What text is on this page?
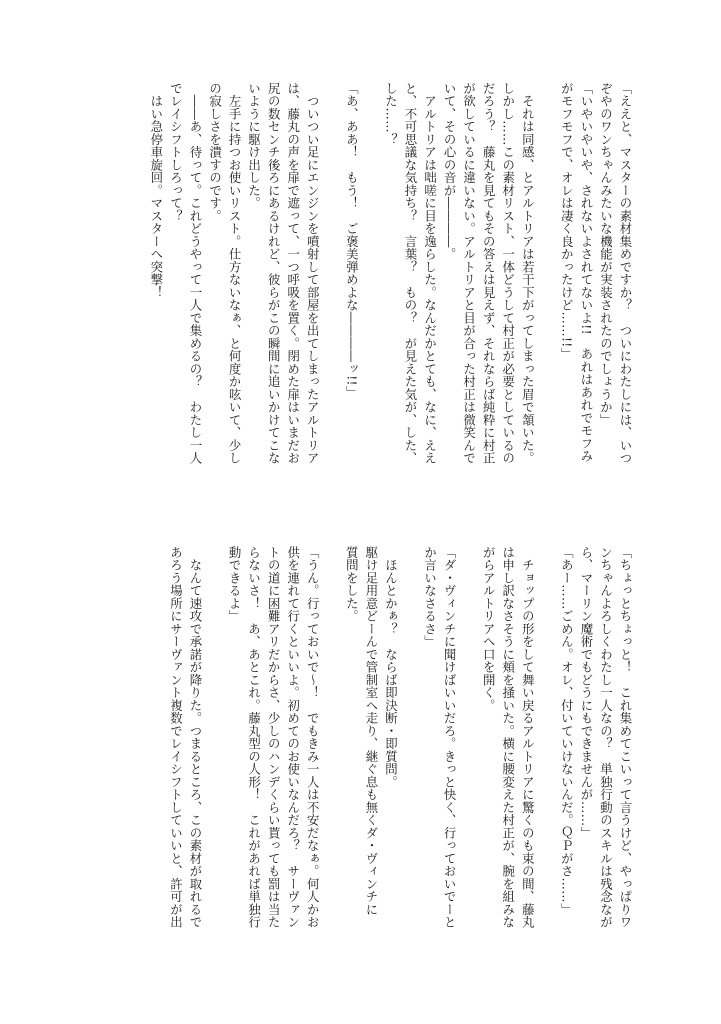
「ええと、マスターの素材集めですか？　ついにわたしには、いつ
ぞやのワンちゃんみたいな機能が実装されたのでしょうか」
「いやいやいや、されないよされてないよ!!　あれはあれでモフみ
がモフモフで、オレは凄く良かったけど……!!」
　それは同感、とアルトリアは若干下がってしまった眉で頷いた。
しかし……この素材リスト、一体どうして村正が必要としているの
だろう？　藤丸を見てもその答えは見えず、それならば純粋に村正
が欲しているに違いない。アルトリアと目が合った村正は微笑んで
いて、その心の音が――――。
　アルトリアは咄嗟に目を逸らした。なんだかとても、なに、ええ
と、不可思議な気持ち？　言葉？　もの？　が見えた気が、した、
した……？
「あ、ああ！　もう！　ご褒美弾めよな――――ッ!!」
　ついつい足にエンジンを噴射して部屋を出てしまったアルトリア
は、藤丸の声を扉で遮って、一つ呼吸を置く。閉めた扉はいまだお
尻の数センチ後ろにあるけれど、彼らがこの瞬間に追いかけてこな
いように駆け出した。
　左手に持つお使いリスト。仕方ないなぁ、と何度か呟いて、少し
の寂しさを潰すのです。
　――あ、待って。これどうやって一人で集めるの？　わたし一人
でレイシフトしろって？
　はい急停車旋回。マスターへ突撃！
「ちょっとちょっと！　これ集めてこいって言うけど、やっぱりワ
ンちゃんよろしくわたし一人なの？　単独行動のスキルは残念なが
ら、マーリン魔術でもどうにもできませんが……」
「あー……ごめん。オレ、付いていけないんだ。ＱＰがさ……」
　チョップの形をして舞い戻るアルトリアに驚くのも束の間、藤丸
は申し訳なさそうに頬を掻いた。横に腰変えた村正が、腕を組みな
がらアルトリアへ口を開く。
「ダ・ヴィンチに聞けばいいだろ。きっと快く、行っておいでーと
か言いなさるさ」
　ほんとかぁ？　ならば即決断・即質問。
駆け足用意どーんで管制室へ走り、継ぐ息も無くダ・ヴィンチに
質問をした。
「うん。行っておいで～！　でもきみ一人は不安だなぁ。何人かお
供を連れて行くといいよ。初めてのお使いなんだろ？　サーヴァン
トの道に困難アリだからさ、少しのハンデくらい貰っても罰は当た
らないさ！　あ、あとこれ。藤丸型の人形！　これがあれば単独行
動できるよ」
　なんて速攻で承諾が降りた。つまるところ、この素材が取れるで
あろう場所にサーヴァント複数でレイシフトしていいと、許可が出
